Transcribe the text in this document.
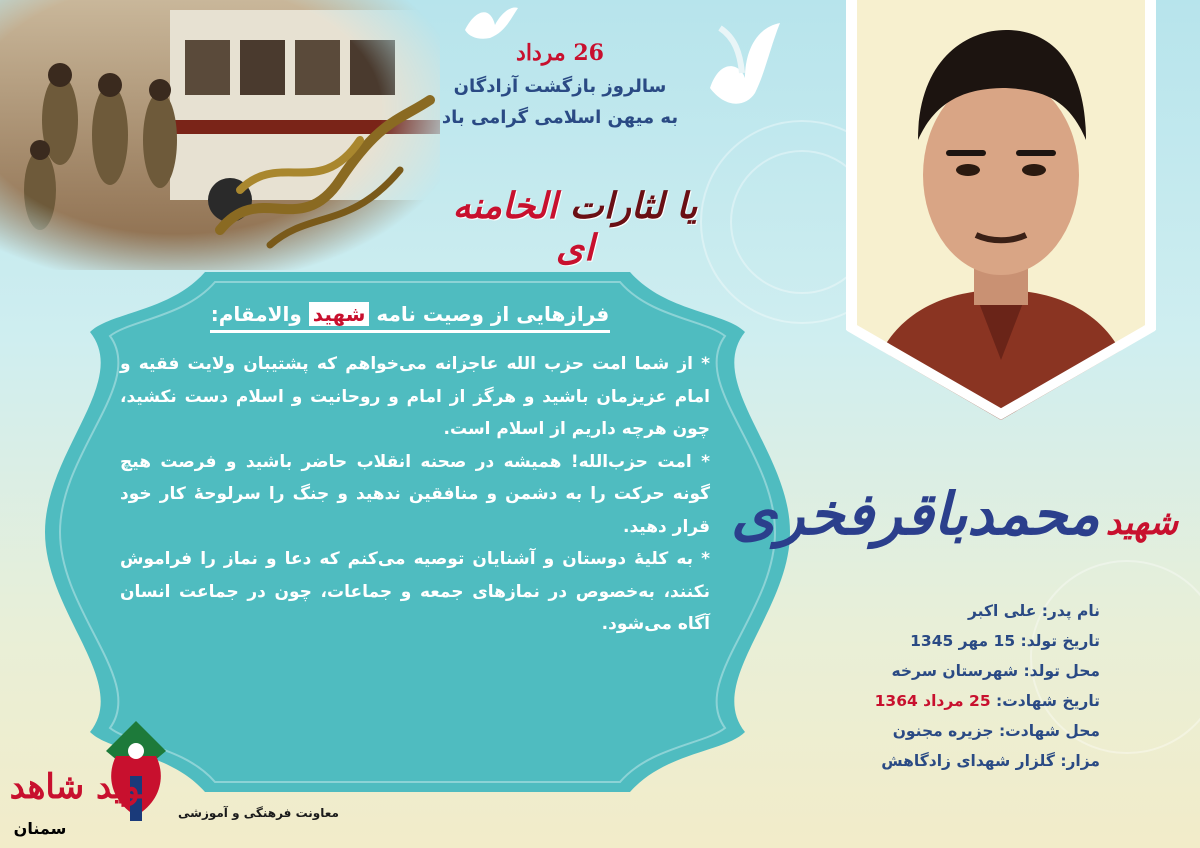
26 مرداد
سالروز بازگشت آزادگان
به میهن اسلامی گرامی باد
یا لثارات الخامنه ای
فرازهایی از وصیت نامه شهید والامقام:

* از شما امت حزب الله عاجزانه می‌خواهم که پشتیبان ولایت فقیه و امام عزیزمان باشید و هرگز از امام و روحانیت و اسلام دست نکشید، چون هرچه داریم از اسلام است.

* امت حزب‌الله! همیشه در صحنه انقلاب حاضر باشید و فرصت هیچ گونه حرکت را به دشمن و منافقین ندهید و جنگ را سرلوحهٔ کار خود قرار دهید.

* به کلیهٔ دوستان و آشنایان توصیه می‌کنم که دعا و نماز را فراموش نکنند، به‌خصوص در نمازهای جمعه و جماعات، چون در جماعت انسان آگاه می‌شود.

شهیدمحمدباقرفخری
نام پدر: علی اکبر
تاریخ تولد: 15 مهر 1345
محل تولد: شهرستان سرخه
تاریخ شهادت: 25 مرداد 1364
محل شهادت: جزیره مجنون
مزار: گلزار شهدای زادگاهش
نوید شاهد
سمنان
معاونت فرهنگی و آموزشی
